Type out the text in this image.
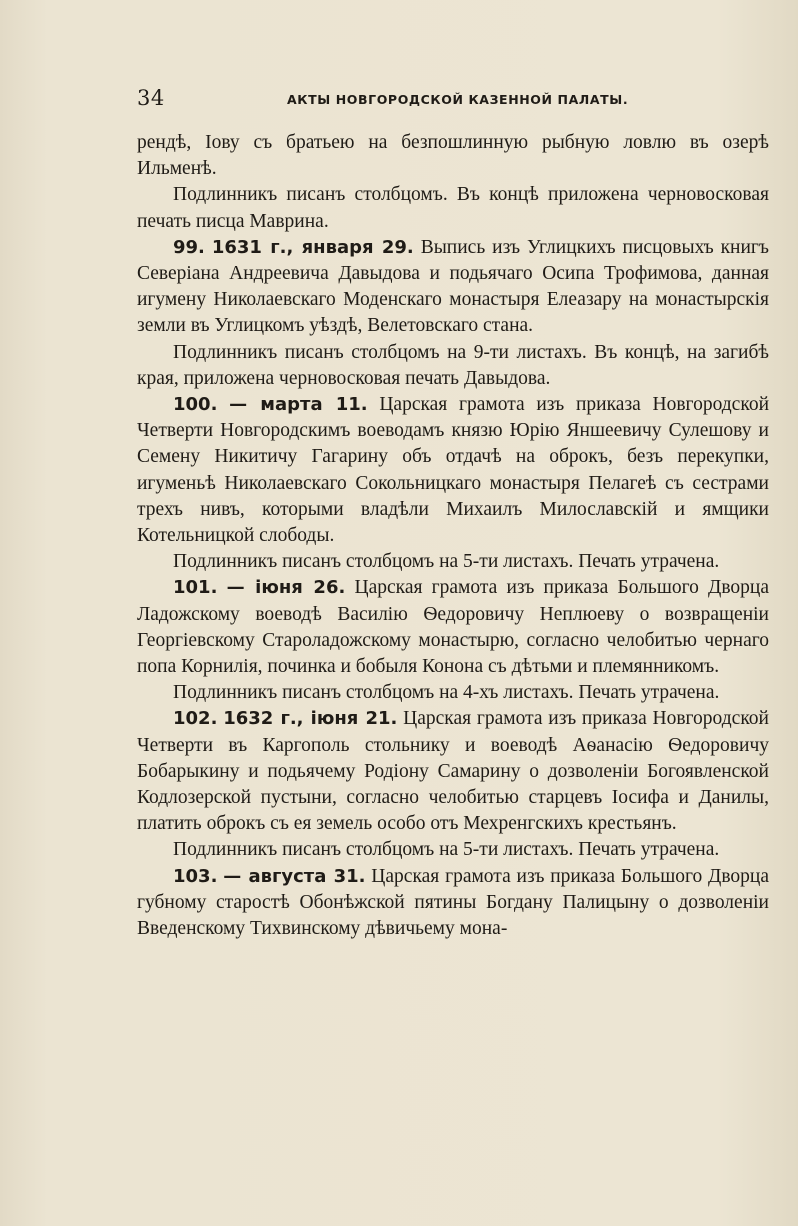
34	АКТЫ НОВГОРОДСКОЙ КАЗЕННОЙ ПАЛАТЫ.

рендѣ, Іову съ братьею на безпошлинную рыбную ловлю въ озерѣ Ильменѣ.

Подлинникъ писанъ столбцомъ. Въ концѣ приложена черновосковая печать писца Маврина.

99. 1631 г., января 29. Выпись изъ Углицкихъ писцовыхъ книгъ Северіана Андреевича Давыдова и подьячаго Осипа Трофимова, данная игумену Николаевскаго Моденскаго монастыря Елеазару на монастырскія земли въ Углицкомъ уѣздѣ, Велетовскаго стана.

Подлинникъ писанъ столбцомъ на 9-ти листахъ. Въ концѣ, на загибѣ края, приложена черновосковая печать Давыдова.

100. — марта 11. Царская грамота изъ приказа Новгородской Четверти Новгородскимъ воеводамъ князю Юрію Яншеевичу Сулешову и Семену Никитичу Гагарину объ отдачѣ на оброкъ, безъ перекупки, игуменьѣ Николаевскаго Сокольницкаго монастыря Пелагеѣ съ сестрами трехъ нивъ, которыми владѣли Михаилъ Милославскій и ямщики Котельницкой слободы.

Подлинникъ писанъ столбцомъ на 5-ти листахъ. Печать утрачена.

101. — іюня 26. Царская грамота изъ приказа Большого Дворца Ладожскому воеводѣ Василію Ѳедоровичу Неплюеву о возвращеніи Георгіевскому Староладожскому монастырю, согласно челобитью чернаго попа Корнилія, починка и бобыля Конона съ дѣтьми и племянникомъ.

Подлинникъ писанъ столбцомъ на 4-хъ листахъ. Печать утрачена.

102. 1632 г., іюня 21. Царская грамота изъ приказа Новгородской Четверти въ Каргополь стольнику и воеводѣ Аѳанасію Ѳедоровичу Бобарыкину и подьячему Родіону Самарину о дозволеніи Богоявленской Кодлозерской пустыни, согласно челобитью старцевъ Іосифа и Данилы, платить оброкъ съ ея земель особо отъ Мехренгскихъ крестьянъ.

Подлинникъ писанъ столбцомъ на 5-ти листахъ. Печать утрачена.

103. — августа 31. Царская грамота изъ приказа Большого Дворца губному старостѣ Обонѣжской пятины Богдану Палицыну о дозволеніи Введенскому Тихвинскому дѣвичьему мона-
